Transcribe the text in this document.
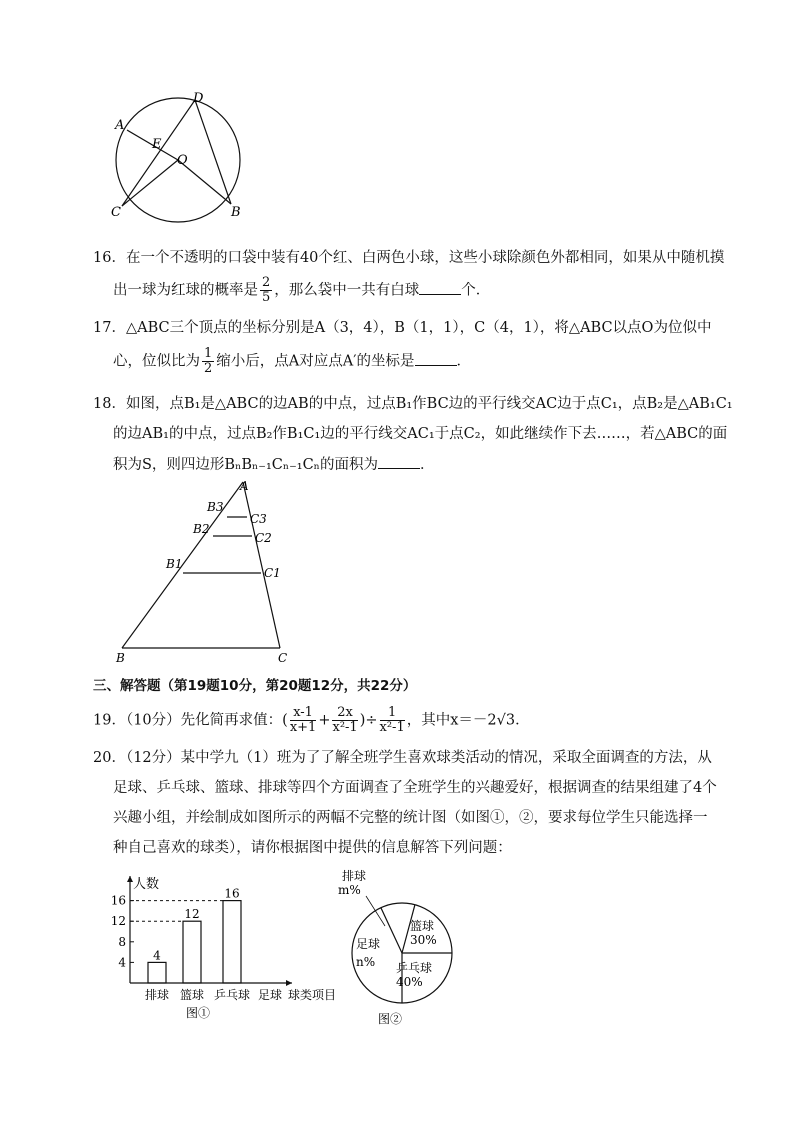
D
A
E
O
C	B
16．在一个不透明的口袋中装有40个红、白两色小球，这些小球除颜色外都相同，如果从中随机摸
出一球为红球的概率是 $\frac{2}{5}$ ，那么袋中一共有白球	个．
17．△ABC三个顶点的坐标分别是A（3，4），B（1，1），C（4，1），将△ABC以点O为位似中
心，位似比为 $\frac{1}{2}$ 缩小后，点A对应点A′的坐标是	．
18．如图，点B₁是△ABC的边AB的中点，过点B₁作BC边的平行线交AC边于点C₁，点B₂是△AB₁C₁
的边AB₁的中点，过点B₂作B₁C₁边的平行线交AC₁于点C₂，如此继续作下去……，若△ABC的面
积为S，则四边形BₙBₙ₋₁Cₙ₋₁Cₙ的面积为	．
A
B3
C3
B2
C2
B1
C1
B	C
三、解答题（第19题10分，第20题12分，共22分）
19．（10分）先化简再求值：( $\frac{x-1}{x+1} + \frac{2x}{\text{x²-1}}$ )÷ $\frac{1}{\text{x²-1}}$ ，其中x＝－2√3．
20．（12分）某中学九（1）班为了了解全班学生喜欢球类活动的情况，采取全面调查的方法，从
足球、乒乓球、篮球、排球等四个方面调查了全班学生的兴趣爱好，根据调查的结果组建了4个
兴趣小组，并绘制成如图所示的两幅不完整的统计图（如图①，②，要求每位学生只能选择一
种自己喜欢的球类），请你根据图中提供的信息解答下列问题：
人数
球类项目
4
8
12
16
排球
4
篮球
12
乒乓球
16
足球
图①
排球
m%
篮球
30%
乒乓球
40%
足球
n%
图②
